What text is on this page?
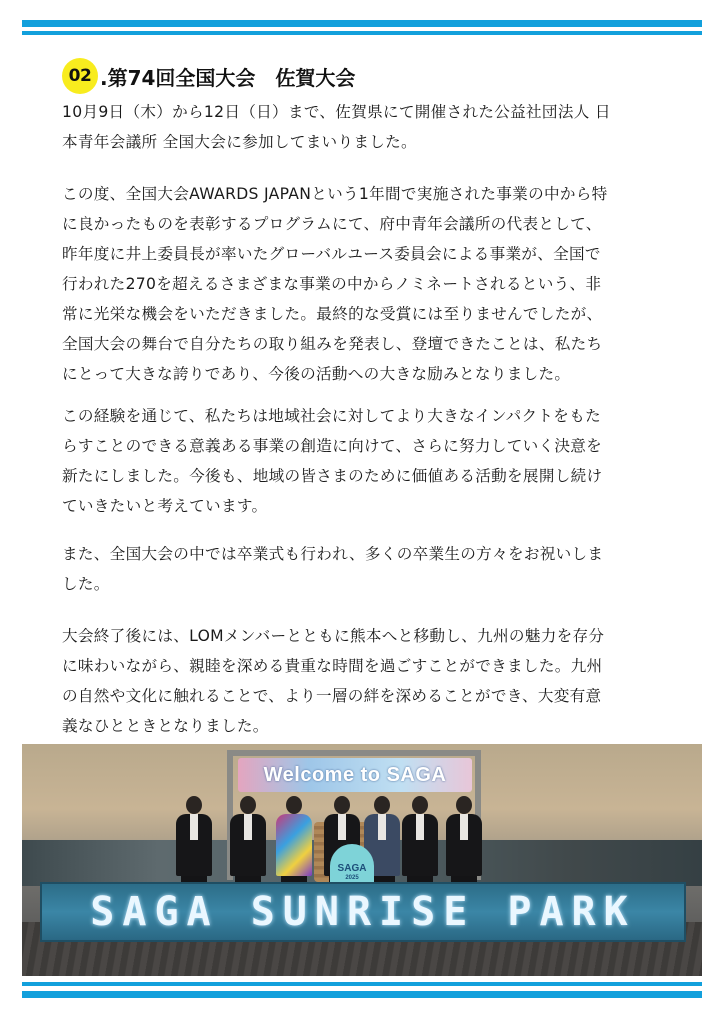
02 .第74回全国大会　佐賀大会
10月9日（木）から12日（日）まで、佐賀県にて開催された公益社団法人 日
本青年会議所 全国大会に参加してまいりました。
この度、全国大会AWARDS JAPANという1年間で実施された事業の中から特
に良かったものを表彰するプログラムにて、府中青年会議所の代表として、
昨年度に井上委員長が率いたグローバルユース委員会による事業が、全国で
行われた270を超えるさまざまな事業の中からノミネートされるという、非
常に光栄な機会をいただきました。最終的な受賞には至りませんでしたが、
全国大会の舞台で自分たちの取り組みを発表し、登壇できたことは、私たち
にとって大きな誇りであり、今後の活動への大きな励みとなりました。
この経験を通じて、私たちは地域社会に対してより大きなインパクトをもた
らすことのできる意義ある事業の創造に向けて、さらに努力していく決意を
新たにしました。今後も、地域の皆さまのために価値ある活動を展開し続け
ていきたいと考えています。
また、全国大会の中では卒業式も行われ、多くの卒業生の方々をお祝いしま
した。
大会終了後には、LOMメンバーとともに熊本へと移動し、九州の魅力を存分
に味わいながら、親睦を深める貴重な時間を過ごすことができました。九州
の自然や文化に触れることで、より一層の絆を深めることができ、大変有意
義なひとときとなりました。
Welcome to SAGA
SAGA
2025
SAGA SUNRISE PARK
